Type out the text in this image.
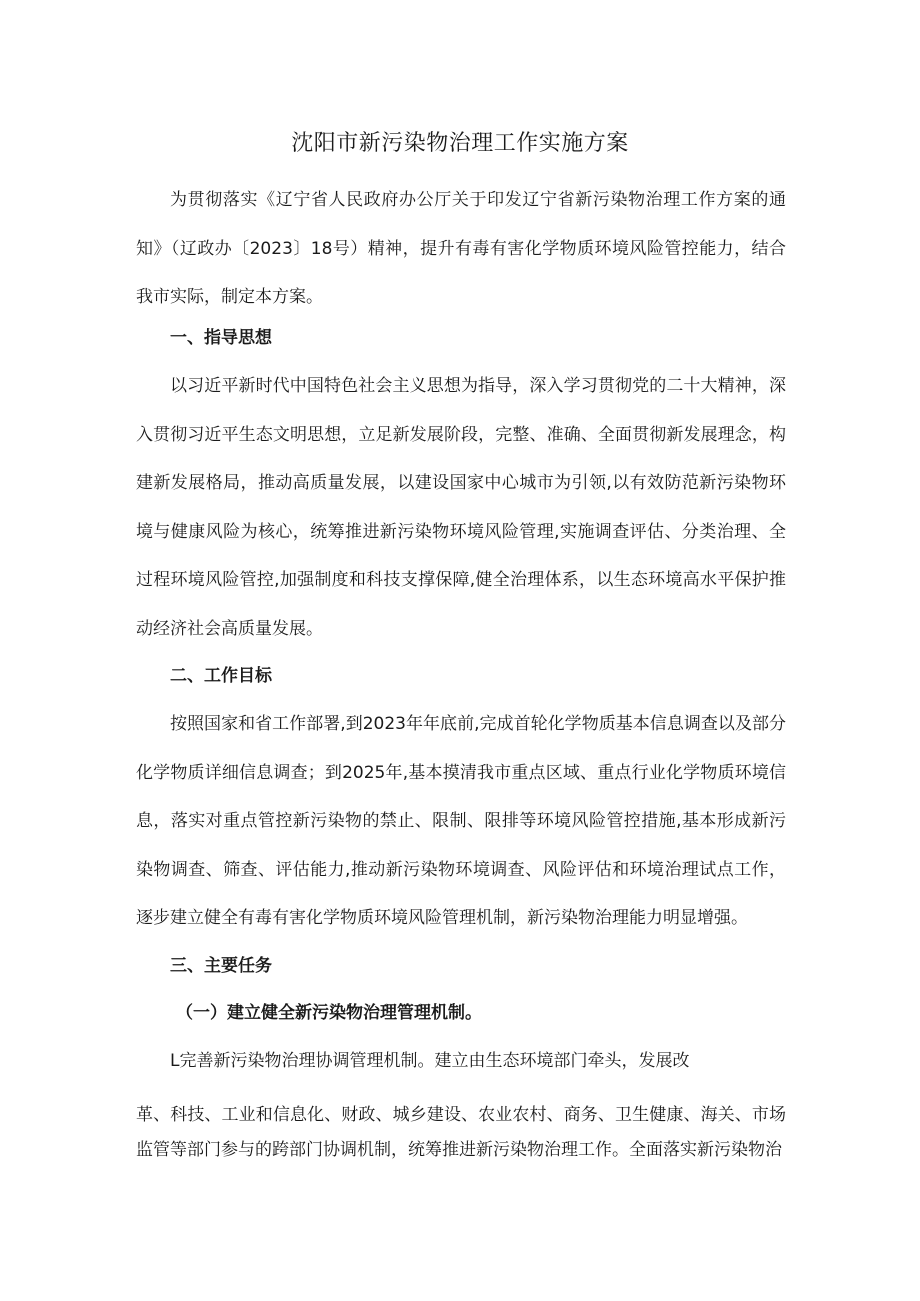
沈阳市新污染物治理工作实施方案

为贯彻落实《辽宁省人民政府办公厅关于印发辽宁省新污染物治理工作方案的通知》（辽政办〔2023〕18号）精神，提升有毒有害化学物质环境风险管控能力，结合我市实际，制定本方案。

一、指导思想

以习近平新时代中国特色社会主义思想为指导，深入学习贯彻党的二十大精神，深入贯彻习近平生态文明思想，立足新发展阶段，完整、准确、全面贯彻新发展理念，构建新发展格局，推动高质量发展，以建设国家中心城市为引领,以有效防范新污染物环境与健康风险为核心，统筹推进新污染物环境风险管理,实施调查评估、分类治理、全过程环境风险管控,加强制度和科技支撑保障,健全治理体系，以生态环境高水平保护推动经济社会高质量发展。

二、工作目标

按照国家和省工作部署,到2023年年底前,完成首轮化学物质基本信息调查以及部分化学物质详细信息调查；到2025年,基本摸清我市重点区域、重点行业化学物质环境信息，落实对重点管控新污染物的禁止、限制、限排等环境风险管控措施,基本形成新污染物调查、筛查、评估能力,推动新污染物环境调查、风险评估和环境治理试点工作，逐步建立健全有毒有害化学物质环境风险管理机制，新污染物治理能力明显增强。

三、主要任务
（一）建立健全新污染物治理管理机制。

L完善新污染物治理协调管理机制。建立由生态环境部门牵头，发展改

革、科技、工业和信息化、财政、城乡建设、农业农村、商务、卫生健康、海关、市场监管等部门参与的跨部门协调机制，统筹推进新污染物治理工作。全面落实新污染物治
